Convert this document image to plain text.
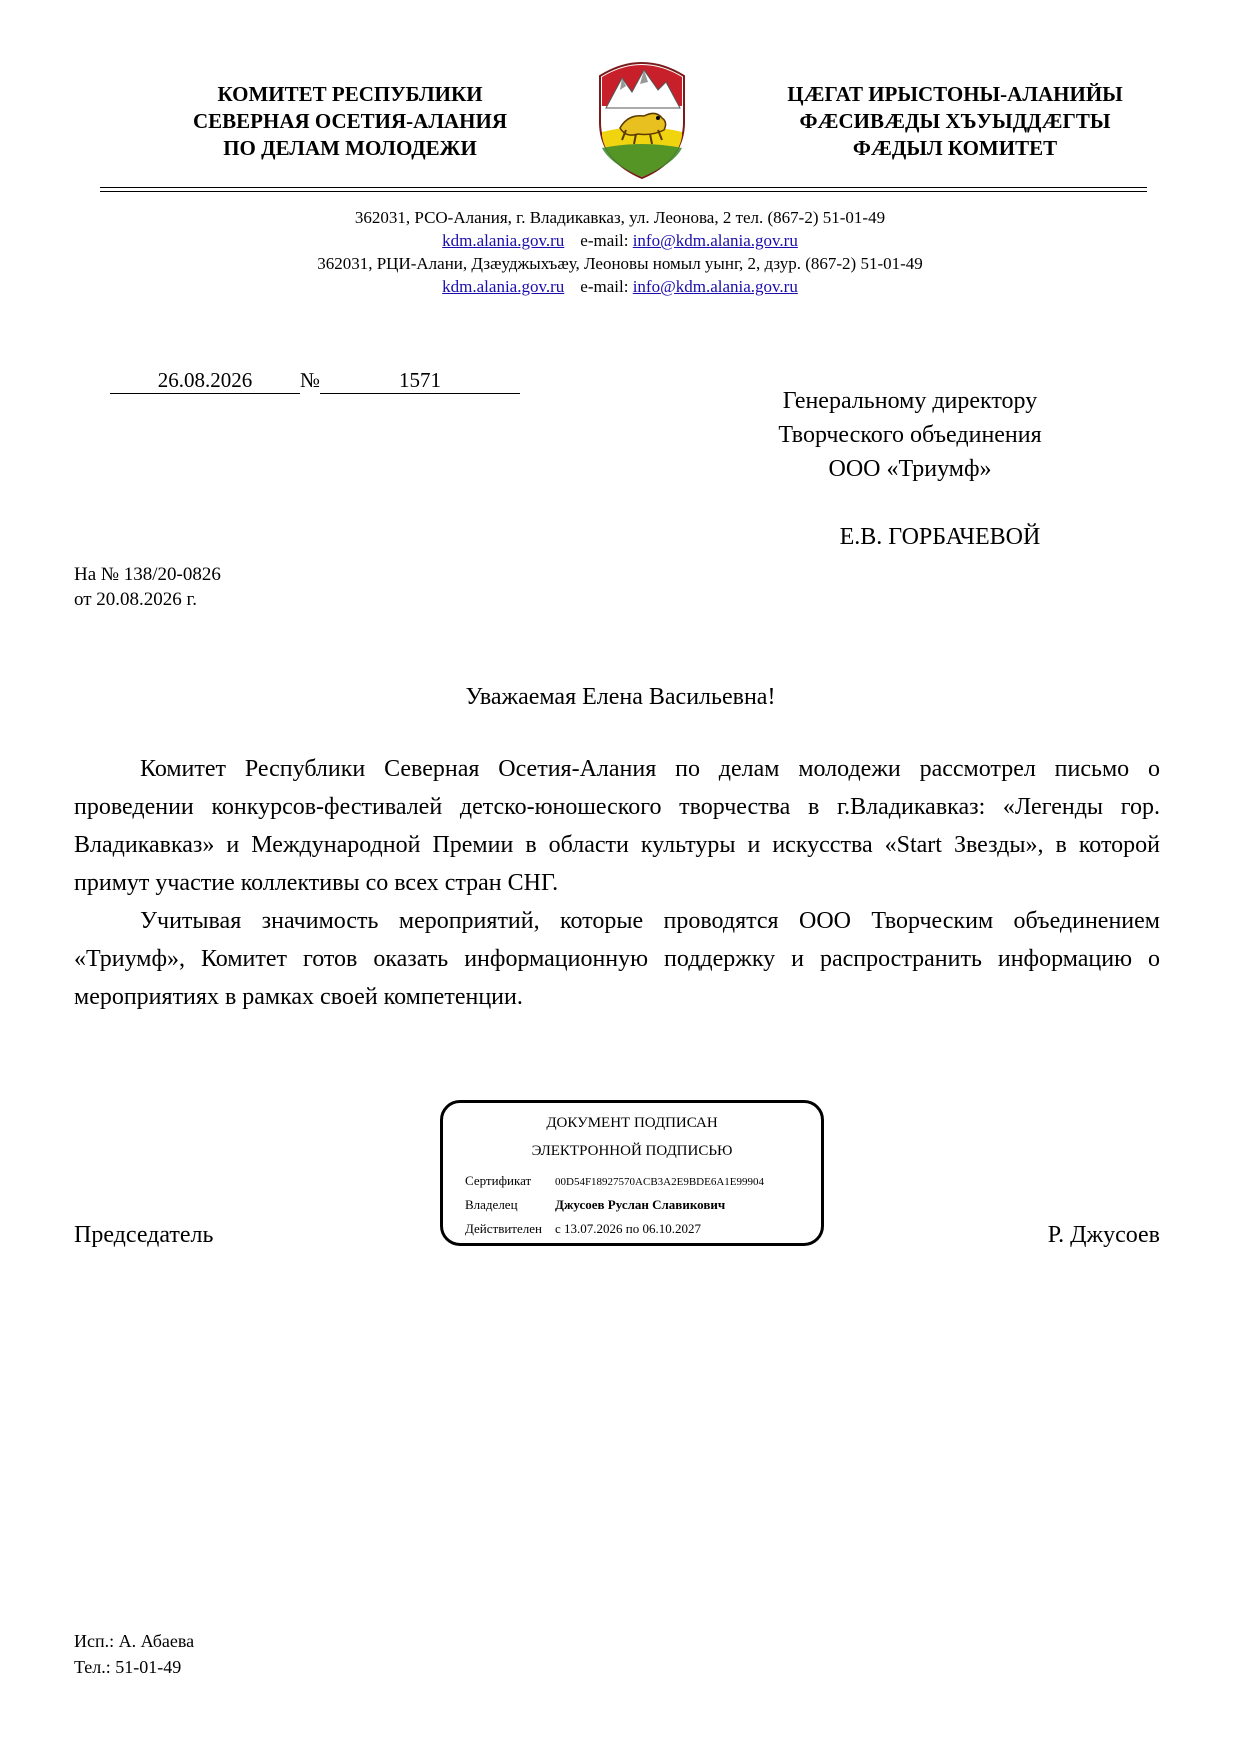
КОМИТЕТ РЕСПУБЛИКИ
СЕВЕРНАЯ ОСЕТИЯ-АЛАНИЯ
ПО ДЕЛАМ МОЛОДЕЖИ
ЦӔГАТ ИРЫСТОНЫ-АЛАНИЙЫ
ФӔСИВӔДЫ ХЪУЫДДӔГТЫ
ФӔДЫЛ КОМИТЕТ
362031, РСО-Алания, г. Владикавказ, ул. Леонова, 2 тел. (867-2) 51-01-49
kdm.alania.gov.ru e-mail: info@kdm.alania.gov.ru
362031, РЦИ-Алани, Дзæуджыхъæу, Леоновы номыл уынг, 2, дзур. (867-2) 51-01-49
kdm.alania.gov.ru e-mail: info@kdm.alania.gov.ru
26.08.2026 №	1571
Генеральному директору
Творческого объединения
ООО «Триумф»
Е.В. ГОРБАЧЕВОЙ
На № 138/20-0826
от 20.08.2026 г.
Уважаемая Елена Васильевна!

Комитет Республики Северная Осетия-Алания по делам молодежи рассмотрел письмо о проведении конкурсов-фестивалей детско-юношеского творчества в г.Владикавказ: «Легенды гор. Владикавказ» и Международной Премии в области культуры и искусства «Start Звезды», в которой примут участие коллективы со всех стран СНГ.

Учитывая значимость мероприятий, которые проводятся ООО Творческим объединением «Триумф», Комитет готов оказать информационную поддержку и распространить информацию о мероприятиях в рамках своей компетенции.

ДОКУМЕНТ ПОДПИСАН
ЭЛЕКТРОННОЙ ПОДПИСЬЮ
Сертификат 00D54F18927570ACB3A2E9BDE6A1E99904
Владелец	Джусоев Руслан Славикович
Действителен с 13.07.2026 по 06.10.2027
Председатель	Р. Джусоев
Исп.: А. Абаева
Тел.: 51-01-49
